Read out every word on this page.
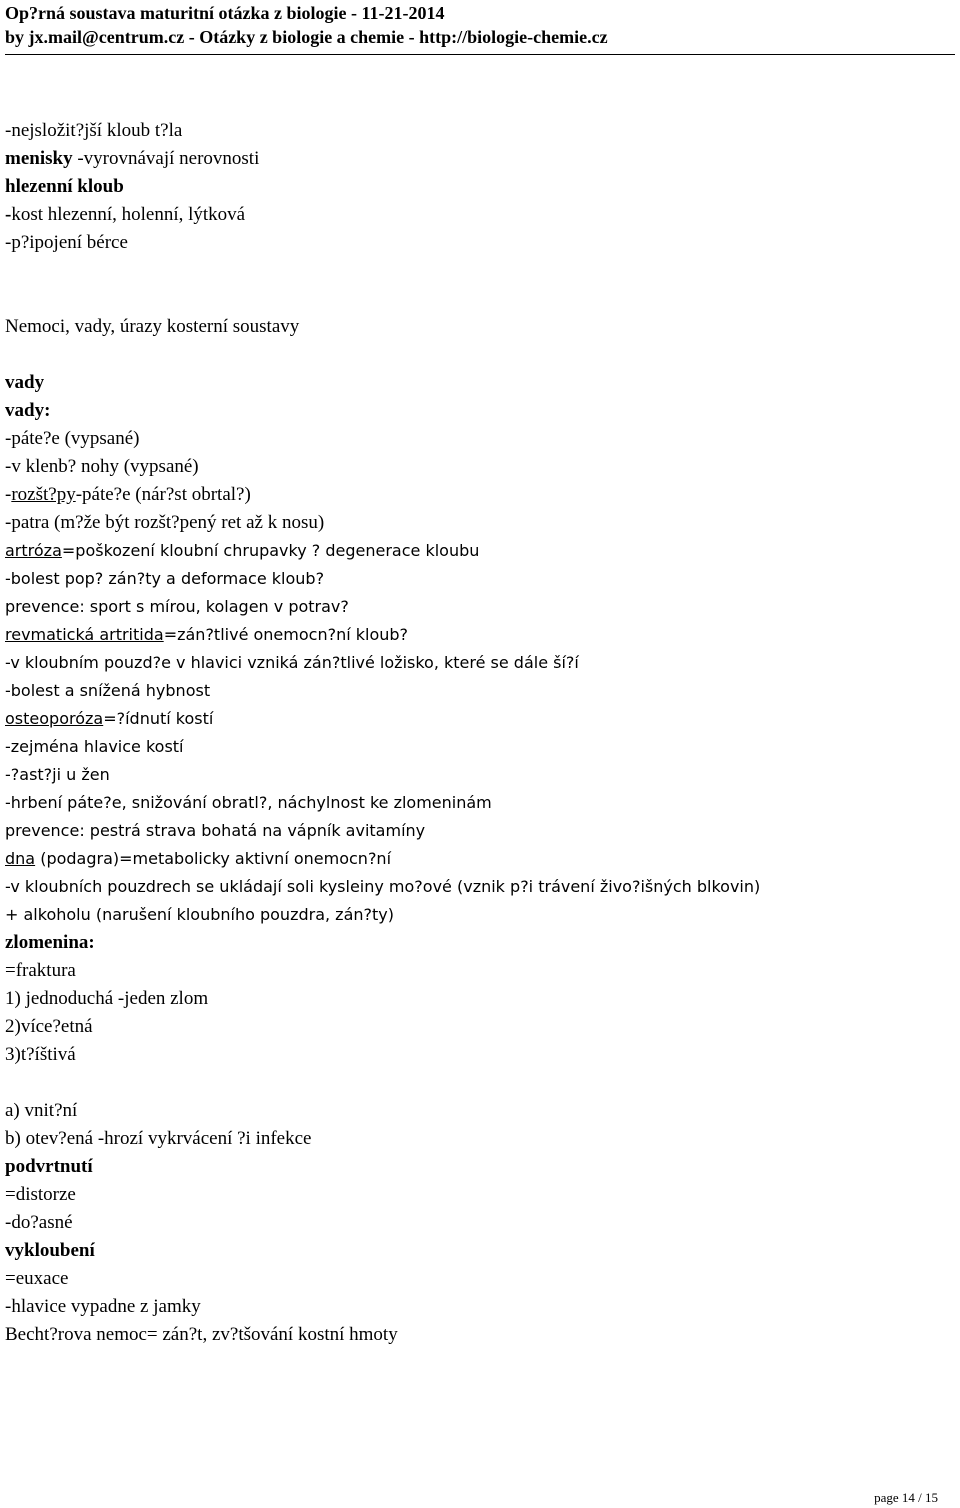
Op?rná soustava maturitní otázka z biologie - 11-21-2014
by jx.mail@centrum.cz - Otázky z biologie a chemie - http://biologie-chemie.cz
-nejsložit?jší kloub t?la
menisky -vyrovnávají nerovnosti
hlezenní kloub
-kost hlezenní, holenní, lýtková
-p?ipojení bérce
Nemoci, vady, úrazy kosterní soustavy
vady
vady:
-páte?e (vypsané)
-v klenb? nohy (vypsané)
-rozšt?py-páte?e (nár?st obrtal?)
-patra (m?že být rozšt?pený ret až k nosu)
artróza=poškození kloubní chrupavky ? degenerace kloubu
-bolest pop? zán?ty a deformace kloub?
prevence: sport s mírou, kolagen v potrav?
revmatická artritida=zán?tlivé onemocn?ní kloub?
-v kloubním pouzd?e v hlavici vzniká zán?tlivé ložisko, které se dále ší?í
-bolest a snížená hybnost
osteoporóza=?ídnutí kostí
-zejména hlavice kostí
-?ast?ji u žen
-hrbení páte?e, snižování obratl?, náchylnost ke zlomeninám
prevence: pestrá strava bohatá na vápník avitamíny
dna (podagra)=metabolicky aktivní onemocn?ní
-v kloubních pouzdrech se ukládají soli kysleiny mo?ové (vznik p?i trávení živo?išných blkovin)
+ alkoholu (narušení kloubního pouzdra, zán?ty)
zlomenina:
=fraktura
1) jednoduchá -jeden zlom
2)více?etná
3)t?íštivá
a) vnit?ní
b) otev?ená -hrozí vykrvácení ?i infekce
podvrtnutí
=distorze
-do?asné
vykloubení
=euxace
-hlavice vypadne z jamky
Becht?rova nemoc= zán?t, zv?tšování kostní hmoty
page 14 / 15
